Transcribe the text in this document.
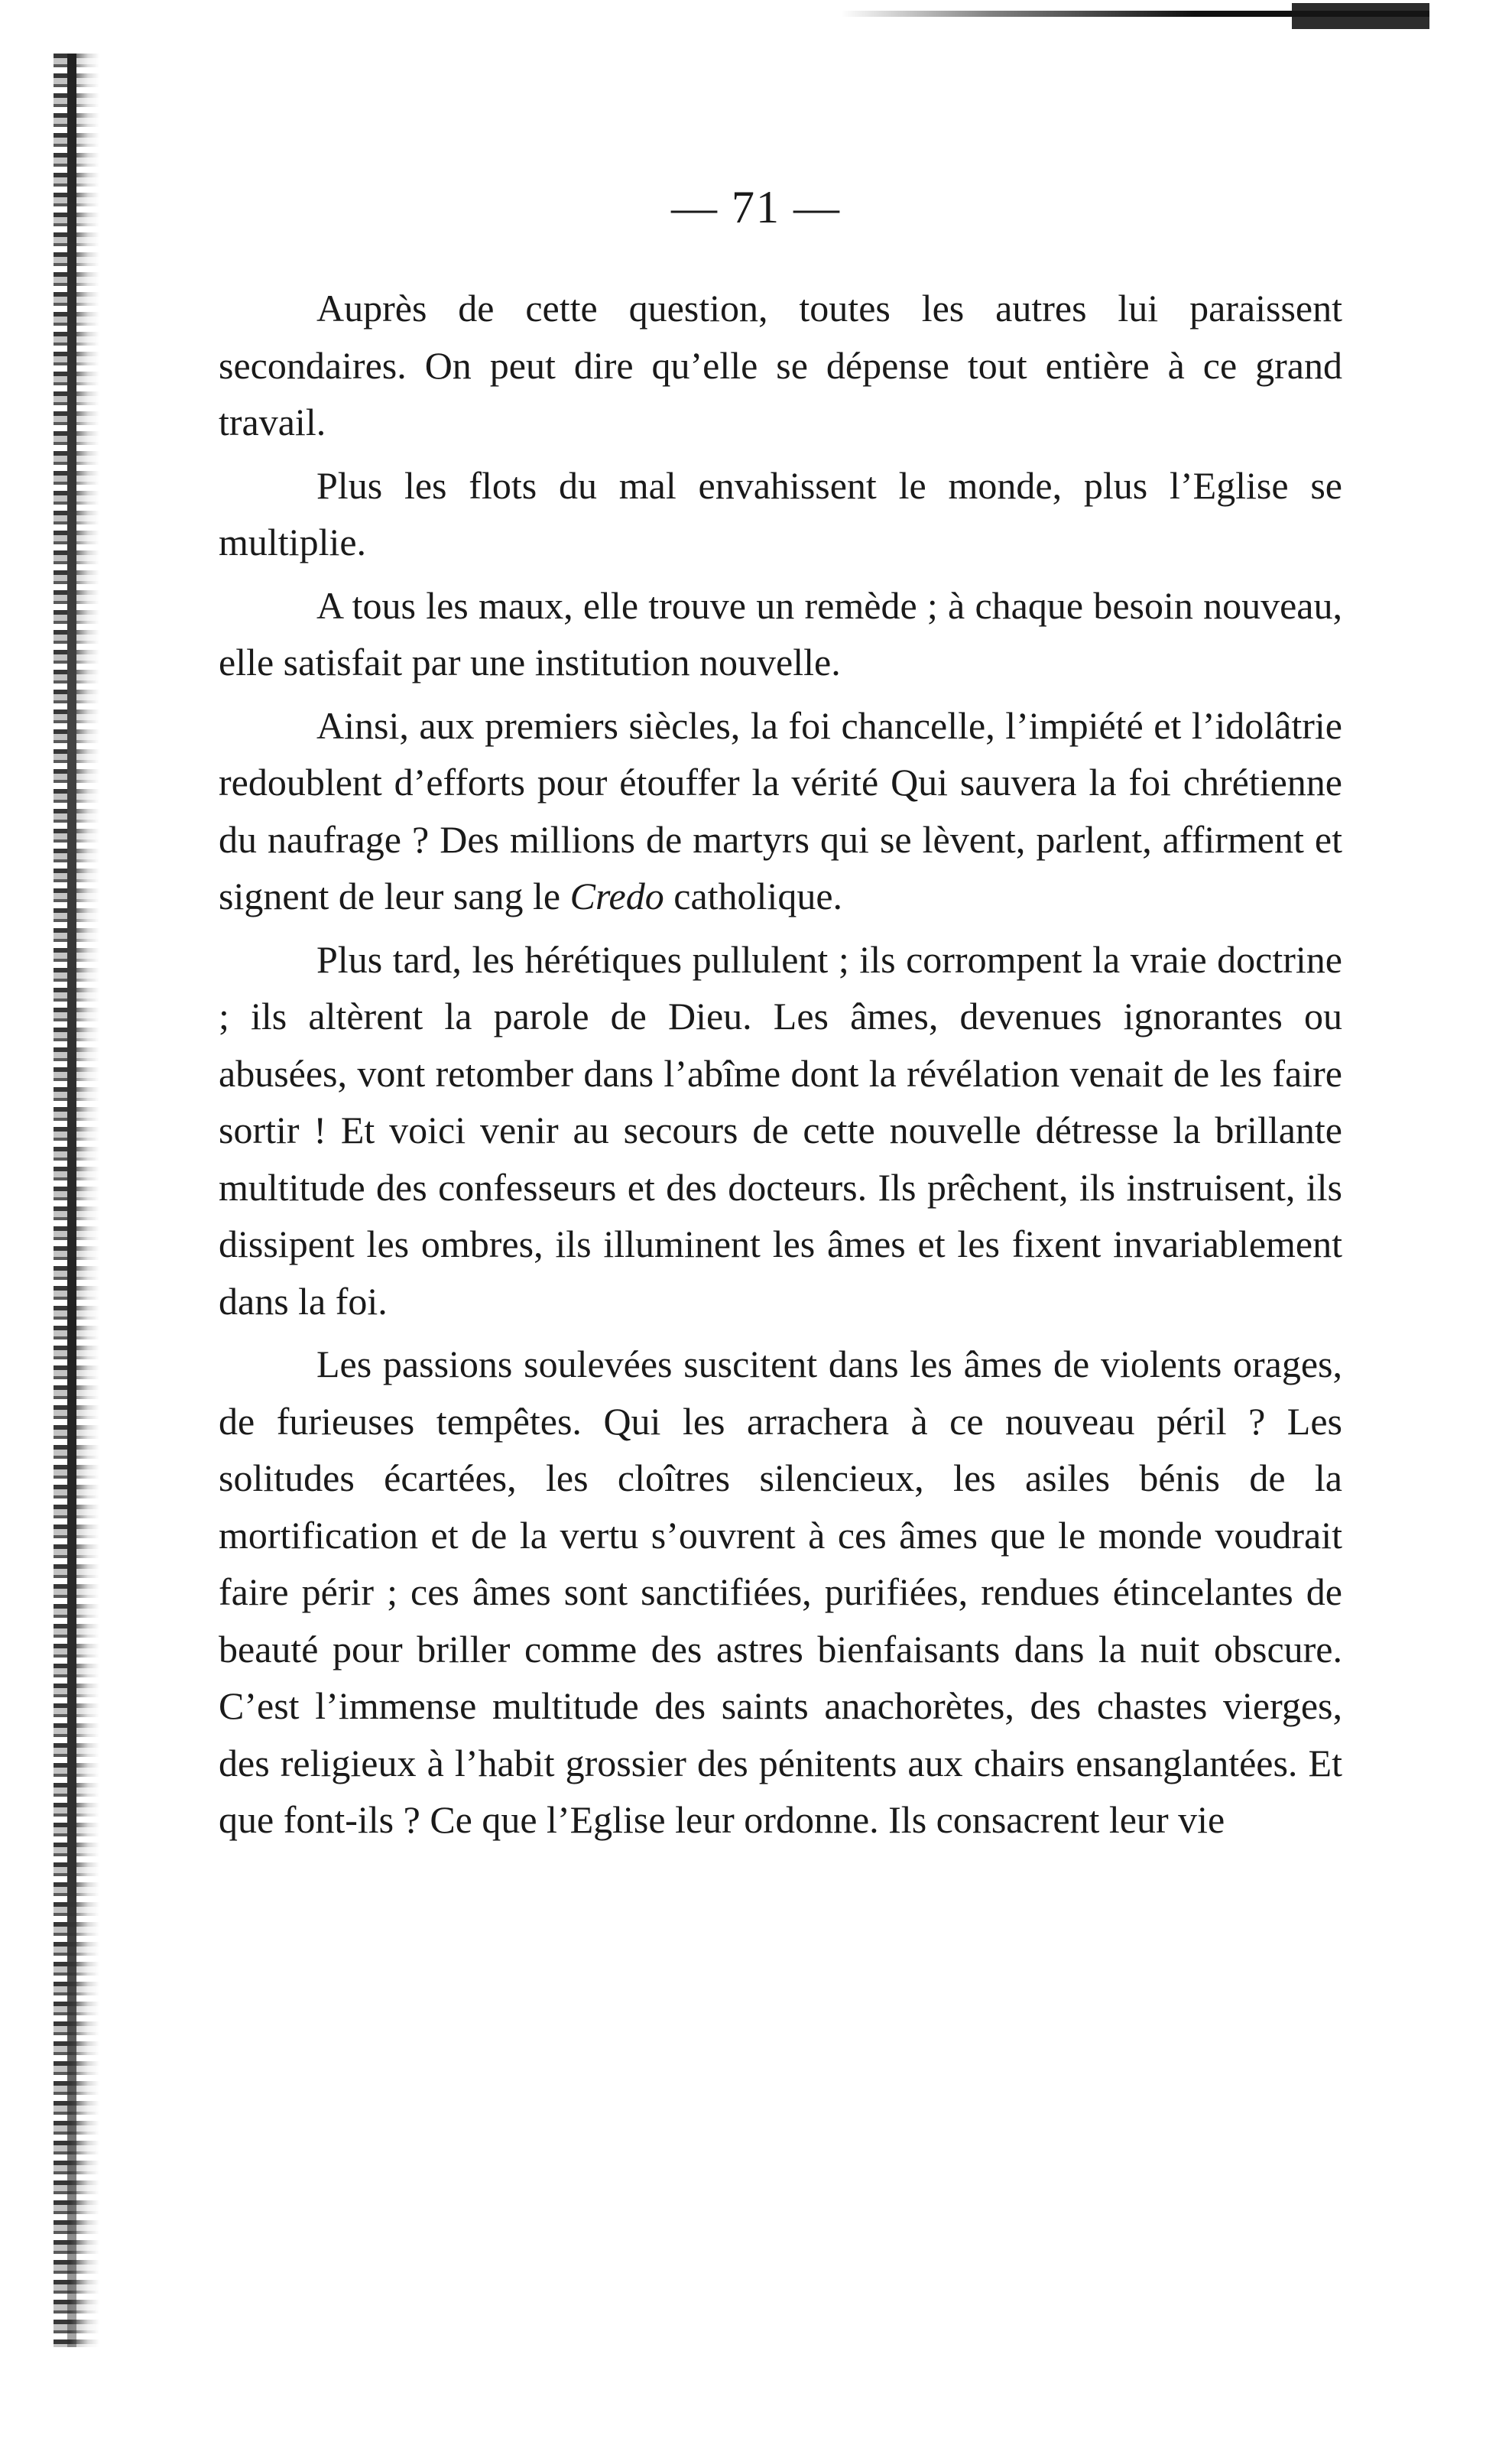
— 71 —

Auprès de cette question, toutes les autres lui paraissent secondaires. On peut dire qu’elle se dépense tout entière à ce grand travail.

Plus les flots du mal envahissent le monde, plus l’Eglise se multiplie.

A tous les maux, elle trouve un remède ; à chaque besoin nouveau, elle satisfait par une institution nouvelle.

Ainsi, aux premiers siècles, la foi chancelle, l’impiété et l’idolâtrie redoublent d’efforts pour étouffer la vérité Qui sauvera la foi chrétienne du naufrage ? Des millions de martyrs qui se lèvent, parlent, affirment et signent de leur sang le Credo catholique.

Plus tard, les hérétiques pullulent ; ils corrompent la vraie doctrine ; ils altèrent la parole de Dieu. Les âmes, devenues ignorantes ou abusées, vont retomber dans l’abîme dont la révélation venait de les faire sortir ! Et voici venir au secours de cette nouvelle détresse la brillante multitude des confesseurs et des docteurs. Ils prêchent, ils instruisent, ils dissipent les ombres, ils illuminent les âmes et les fixent invariablement dans la foi.

Les passions soulevées suscitent dans les âmes de violents orages, de furieuses tempêtes. Qui les arrachera à ce nouveau péril ? Les solitudes écartées, les cloîtres silencieux, les asiles bénis de la mortification et de la vertu s’ouvrent à ces âmes que le monde voudrait faire périr ; ces âmes sont sanctifiées, purifiées, rendues étincelantes de beauté pour briller comme des astres bienfaisants dans la nuit obscure. C’est l’immense multitude des saints anachorètes, des chastes vierges, des religieux à l’habit grossier des pénitents aux chairs ensanglantées. Et que font-ils ? Ce que l’Eglise leur ordonne. Ils consacrent leur vie
